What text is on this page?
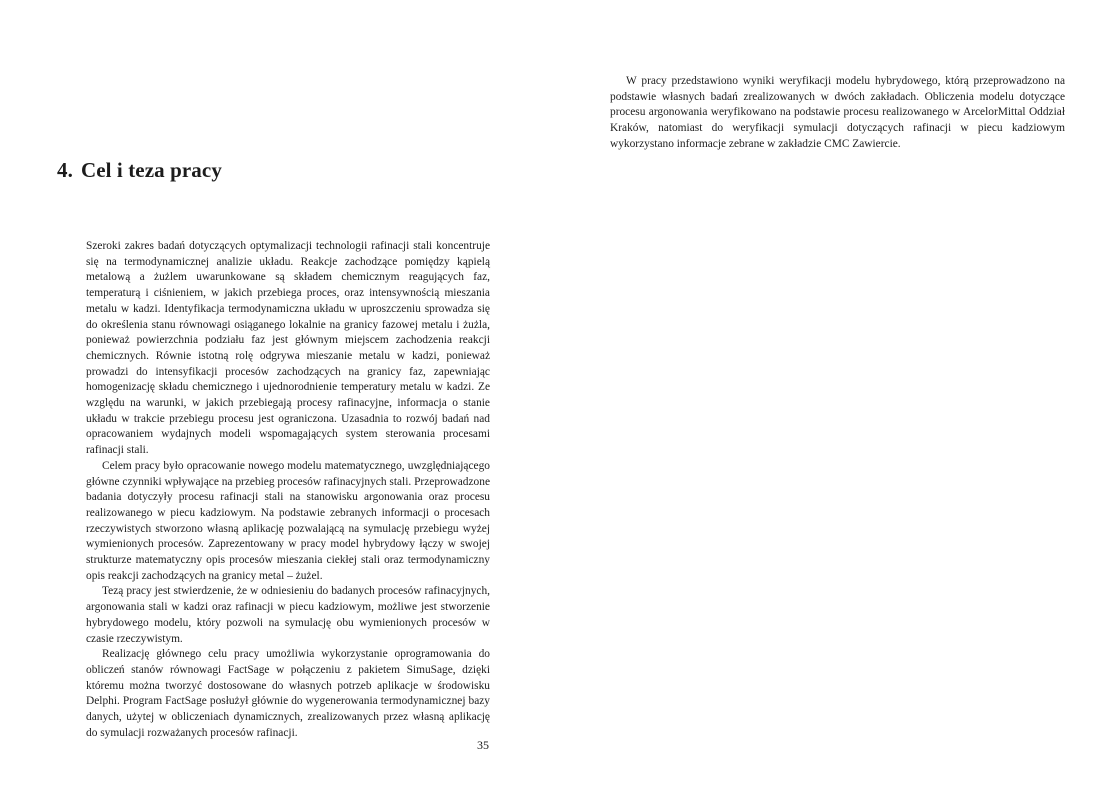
4. Cel i teza pracy

Szeroki zakres badań dotyczących optymalizacji technologii rafinacji stali koncentruje się na termodynamicznej analizie układu. Reakcje zachodzące pomiędzy kąpielą metalową a żużlem uwarunkowane są składem chemicznym reagujących faz, temperaturą i ciśnieniem, w jakich przebiega proces, oraz intensywnością mieszania metalu w kadzi. Identyfikacja termodynamiczna układu w uproszczeniu sprowadza się do określenia stanu równowagi osiąganego lokalnie na granicy fazowej metalu i żużla, ponieważ powierzchnia podziału faz jest głównym miejscem zachodzenia reakcji chemicznych. Równie istotną rolę odgrywa mieszanie metalu w kadzi, ponieważ prowadzi do intensyfikacji procesów zachodzących na granicy faz, zapewniając homogenizację składu chemicznego i ujednorodnienie temperatury metalu w kadzi. Ze względu na warunki, w jakich przebiegają procesy rafinacyjne, informacja o stanie układu w trakcie przebiegu procesu jest ograniczona. Uzasadnia to rozwój badań nad opracowaniem wydajnych modeli wspomagających system sterowania procesami rafinacji stali.

Celem pracy było opracowanie nowego modelu matematycznego, uwzględniającego główne czynniki wpływające na przebieg procesów rafinacyjnych stali. Przeprowadzone badania dotyczyły procesu rafinacji stali na stanowisku argonowania oraz procesu realizowanego w piecu kadziowym. Na podstawie zebranych informacji o procesach rzeczywistych stworzono własną aplikację pozwalającą na symulację przebiegu wyżej wymienionych procesów. Zaprezentowany w pracy model hybrydowy łączy w swojej strukturze matematyczny opis procesów mieszania ciekłej stali oraz termodynamiczny opis reakcji zachodzących na granicy metal – żużel.

Tezą pracy jest stwierdzenie, że w odniesieniu do badanych procesów rafinacyjnych, argonowania stali w kadzi oraz rafinacji w piecu kadziowym, możliwe jest stworzenie hybrydowego modelu, który pozwoli na symulację obu wymienionych procesów w czasie rzeczywistym.

Realizację głównego celu pracy umożliwia wykorzystanie oprogramowania do obliczeń stanów równowagi FactSage w połączeniu z pakietem SimuSage, dzięki któremu można tworzyć dostosowane do własnych potrzeb aplikacje w środowisku Delphi. Program FactSage posłużył głównie do wygenerowania termodynamicznej bazy danych, użytej w obliczeniach dynamicznych, zrealizowanych przez własną aplikację do symulacji rozważanych procesów rafinacji.

35

W pracy przedstawiono wyniki weryfikacji modelu hybrydowego, którą przeprowadzono na podstawie własnych badań zrealizowanych w dwóch zakładach. Obliczenia modelu dotyczące procesu argonowania weryfikowano na podstawie procesu realizowanego w ArcelorMittal Oddział Kraków, natomiast do weryfikacji symulacji dotyczących rafinacji w piecu kadziowym wykorzystano informacje zebrane w zakładzie CMC Zawiercie.
